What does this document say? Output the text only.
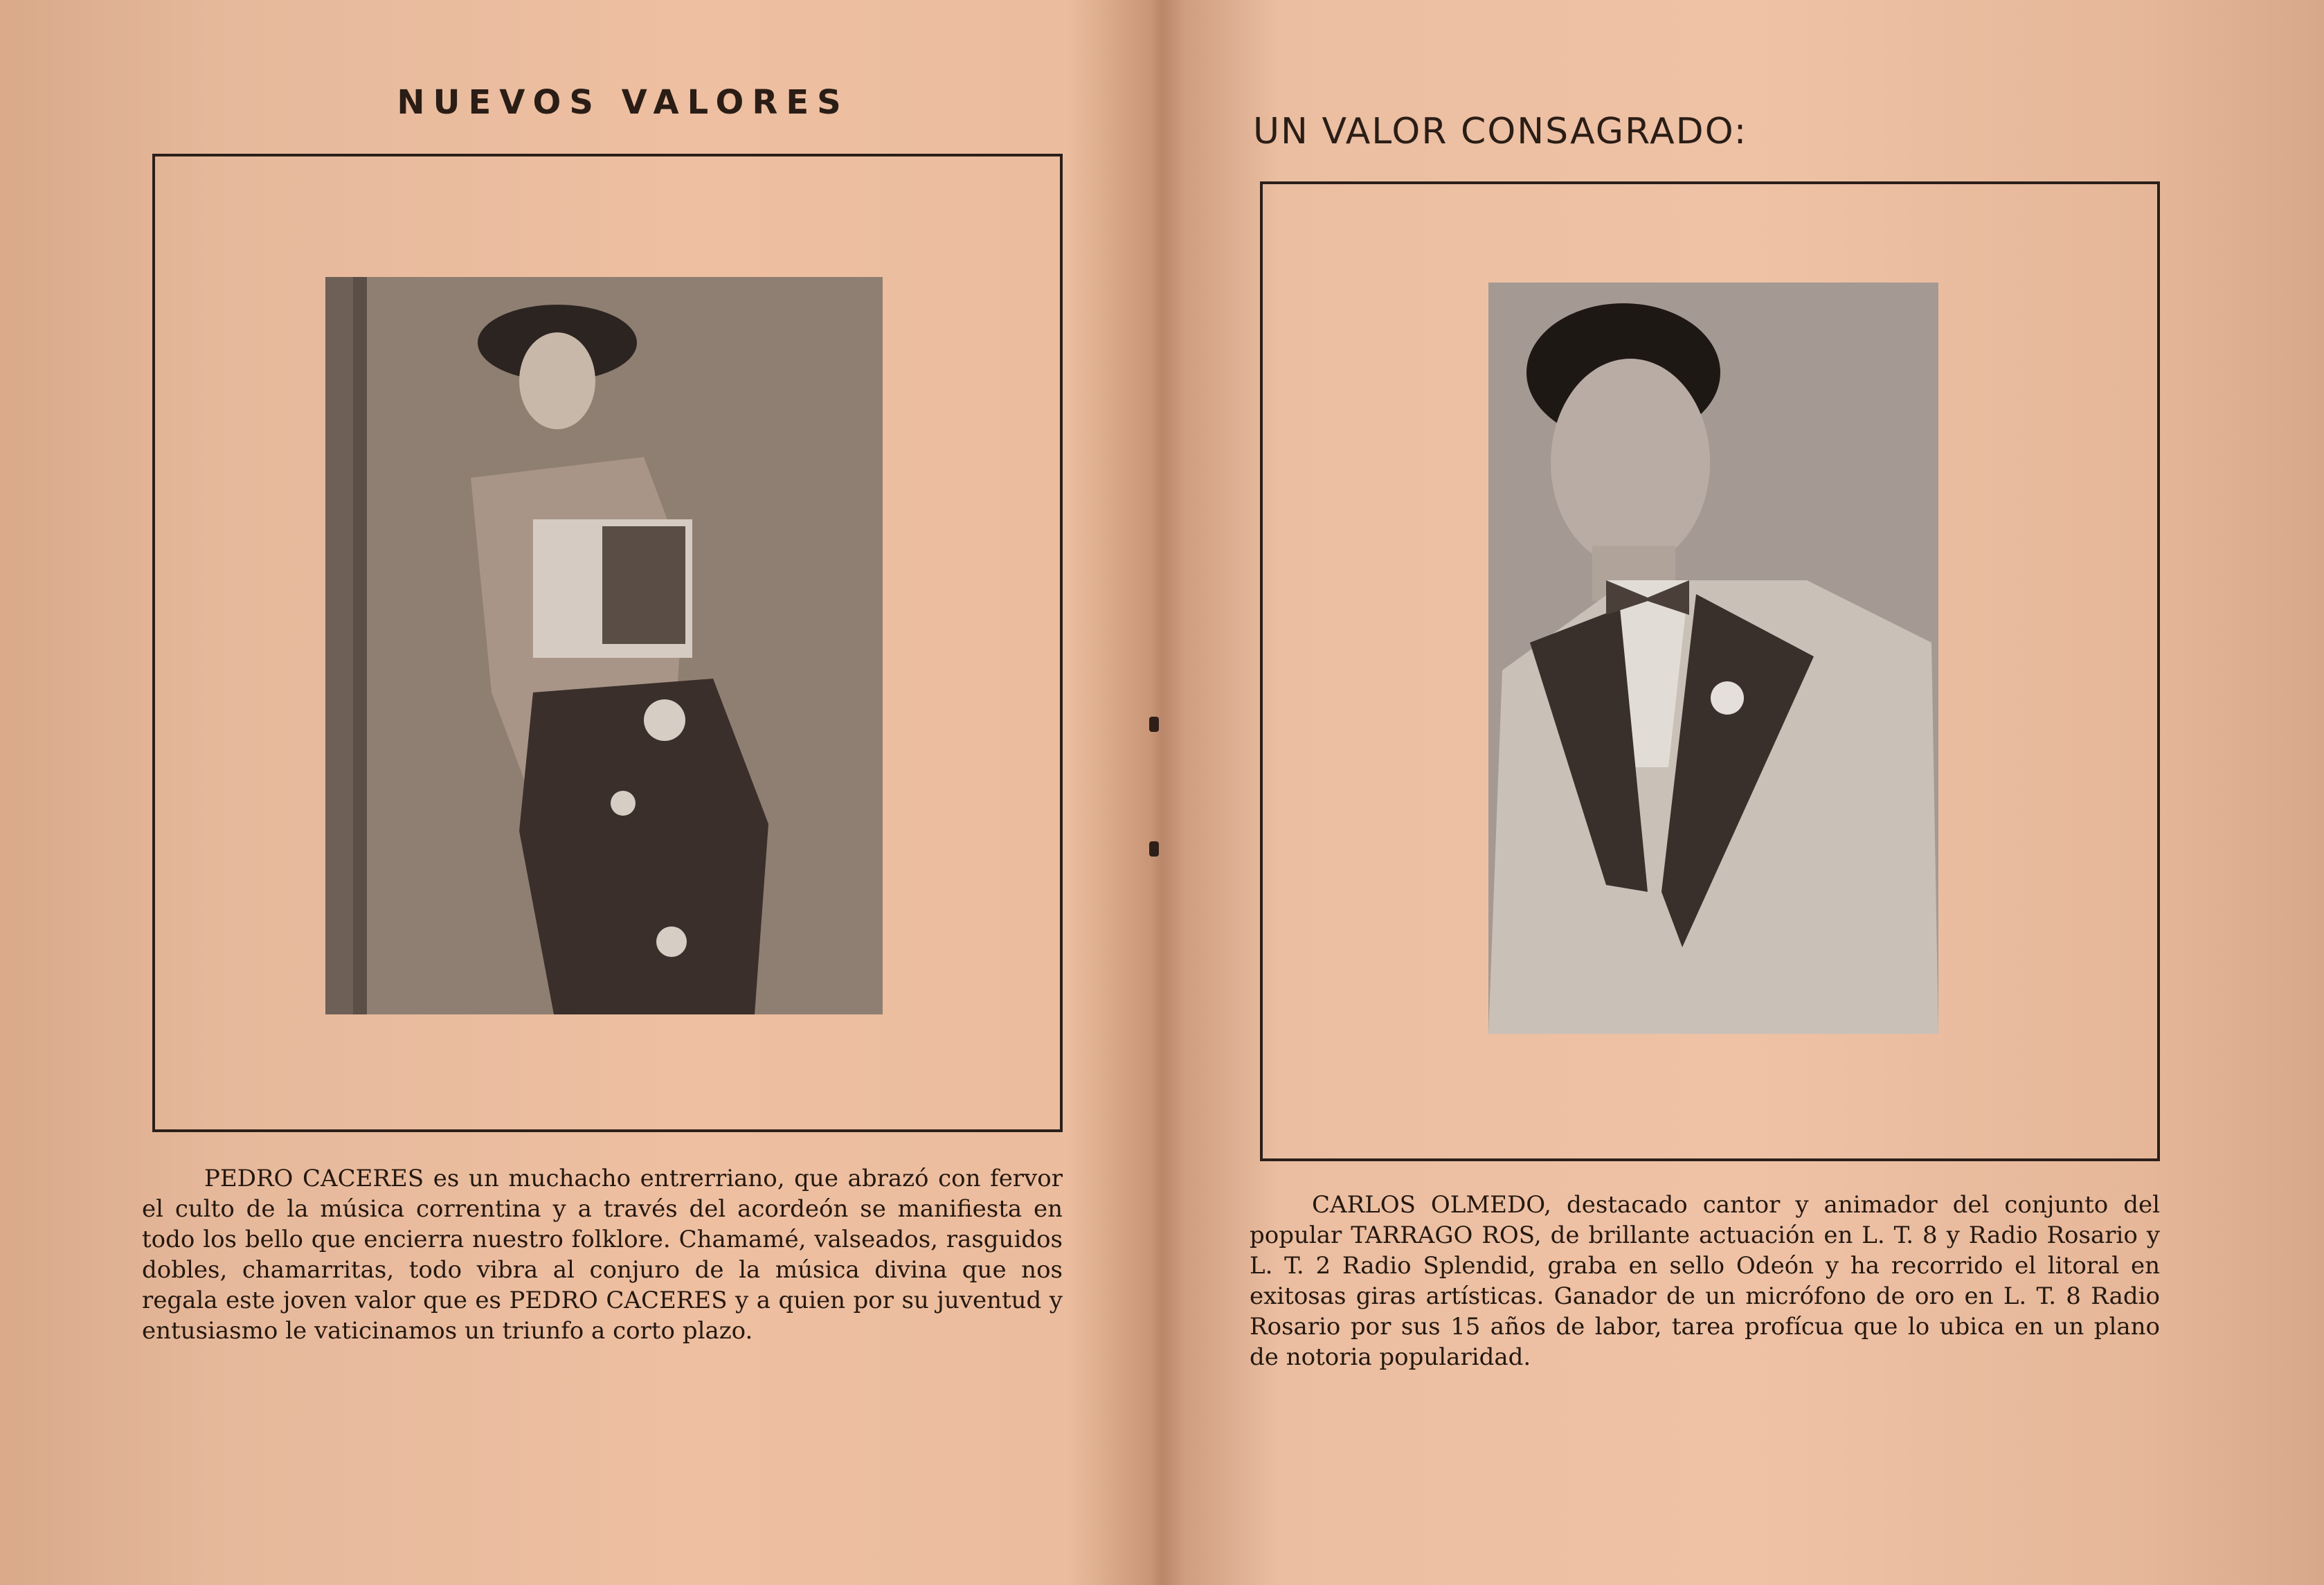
NUEVOS VALORES

PEDRO CACERES es un muchacho entrerriano, que abrazó con fervor el culto de la música correntina y a través del acordeón se manifiesta en todo los bello que encierra nuestro folklore. Chamamé, valseados, rasguidos dobles, chamarritas, todo vibra al conjuro de la música divina que nos regala este joven valor que es PEDRO CACERES y a quien por su juventud y entusiasmo le vaticinamos un triunfo a corto plazo.

UN VALOR CONSAGRADO:

CARLOS OLMEDO, destacado cantor y animador del conjunto del popular TARRAGO ROS, de brillante actuación en L. T. 8 y Radio Rosario y L. T. 2 Radio Splendid, graba en sello Odeón y ha recorrido el litoral en exitosas giras artísticas. Ganador de un micrófono de oro en L. T. 8 Radio Rosario por sus 15 años de labor, tarea profícua que lo ubica en un plano de notoria popularidad.
